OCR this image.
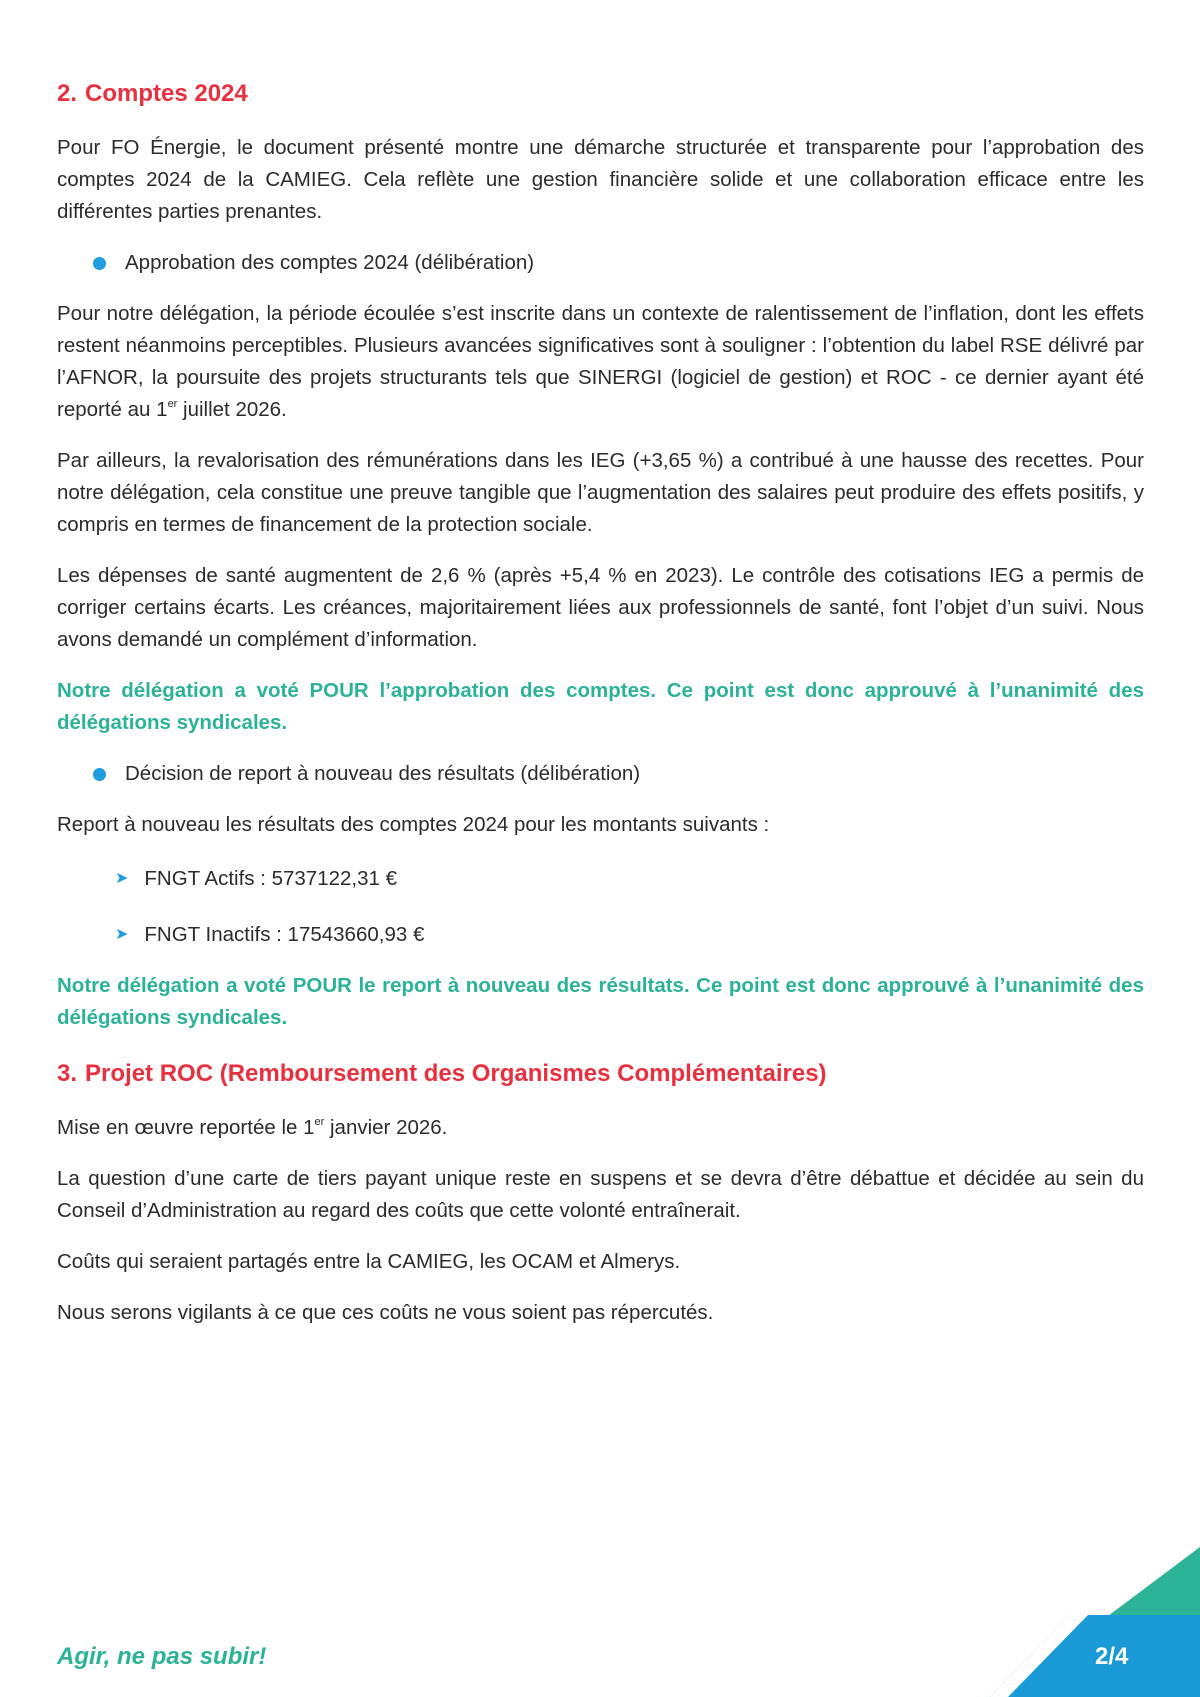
2. Comptes 2024

Pour FO Énergie, le document présenté montre une démarche structurée et transparente pour l’approbation des comptes 2024 de la CAMIEG. Cela reflète une gestion financière solide et une collaboration efficace entre les différentes parties prenantes.

Approbation des comptes 2024 (délibération)

Pour notre délégation, la période écoulée s’est inscrite dans un contexte de ralentissement de l’inflation, dont les effets restent néanmoins perceptibles. Plusieurs avancées significatives sont à souligner : l’obtention du label RSE délivré par l’AFNOR, la poursuite des projets structurants tels que SINERGI (logiciel de gestion) et ROC - ce dernier ayant été reporté au 1er juillet 2026.

Par ailleurs, la revalorisation des rémunérations dans les IEG (+3,65 %) a contribué à une hausse des recettes. Pour notre délégation, cela constitue une preuve tangible que l’augmentation des salaires peut produire des effets positifs, y compris en termes de financement de la protection sociale.

Les dépenses de santé augmentent de 2,6 % (après +5,4 % en 2023). Le contrôle des cotisations IEG a permis de corriger certains écarts. Les créances, majoritairement liées aux professionnels de santé, font l’objet d’un suivi. Nous avons demandé un complément d’information.

Notre délégation a voté POUR l’approbation des comptes. Ce point est donc approuvé à l’unanimité des délégations syndicales.

Décision de report à nouveau des résultats (délibération)

Report à nouveau les résultats des comptes 2024 pour les montants suivants :

➤ FNGT Actifs : 5737122,31 €
➤ FNGT Inactifs : 17543660,93 €

Notre délégation a voté POUR le report à nouveau des résultats. Ce point est donc approuvé à l’unanimité des délégations syndicales.

3. Projet ROC (Remboursement des Organismes Complémentaires)

Mise en œuvre reportée le 1er janvier 2026.

La question d’une carte de tiers payant unique reste en suspens et se devra d’être débattue et décidée au sein du Conseil d’Administration au regard des coûts que cette volonté entraînerait.

Coûts qui seraient partagés entre la CAMIEG, les OCAM et Almerys.

Nous serons vigilants à ce que ces coûts ne vous soient pas répercutés.

Agir, ne pas subir!	2/4
